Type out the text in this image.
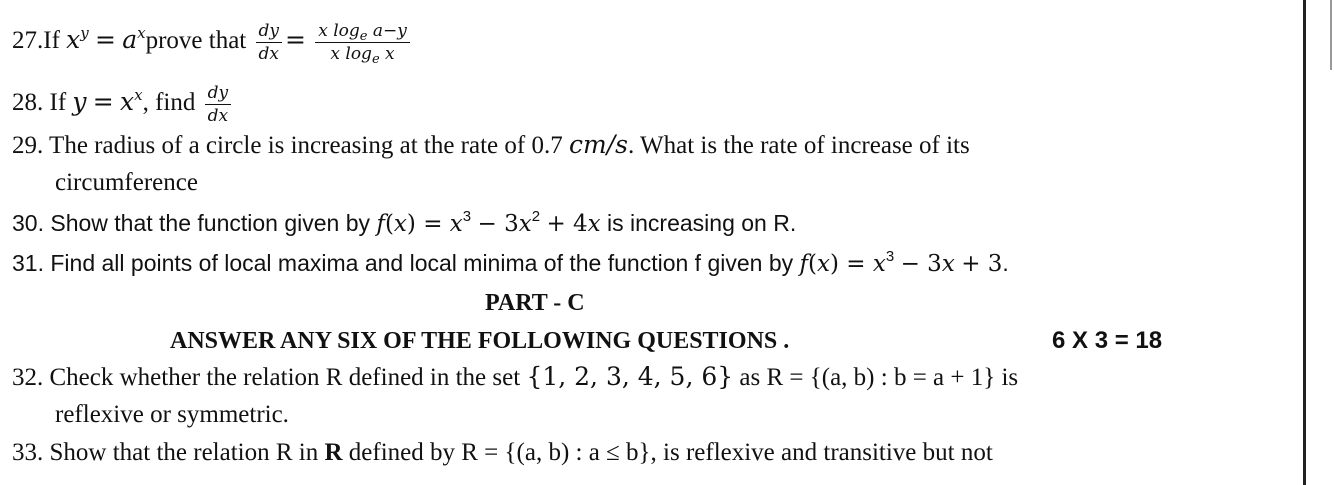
27.If $x^y$ = $a^xprove$ that $\frac{dy}{dx} = \frac{x \log_e a-y}{x \log_e x}$
28. If $y = x^x$, find $\frac{dy}{dx}$
29. The radius of a circle is increasing at the rate of 0.7 cm/s. What is the rate of increase of its
circumference
30. Show that the function given by $f(x) = x^3 - 3x^2 + 4x$ is increasing on R.
31. Find all points of local maxima and local minima of the function f given by $f(x) = x^3 - 3x + 3$.
PART - C
ANSWER ANY SIX OF THE FOLLOWING QUESTIONS .	6 X 3 = 18
32. Check whether the relation R defined in the set {1, 2, 3, 4, 5, 6} as R = {(a, b) : b = a + 1} is
reflexive or symmetric.
33. Show that the relation R in R defined by R = {(a, b) : a ≤ b}, is reflexive and transitive but not
